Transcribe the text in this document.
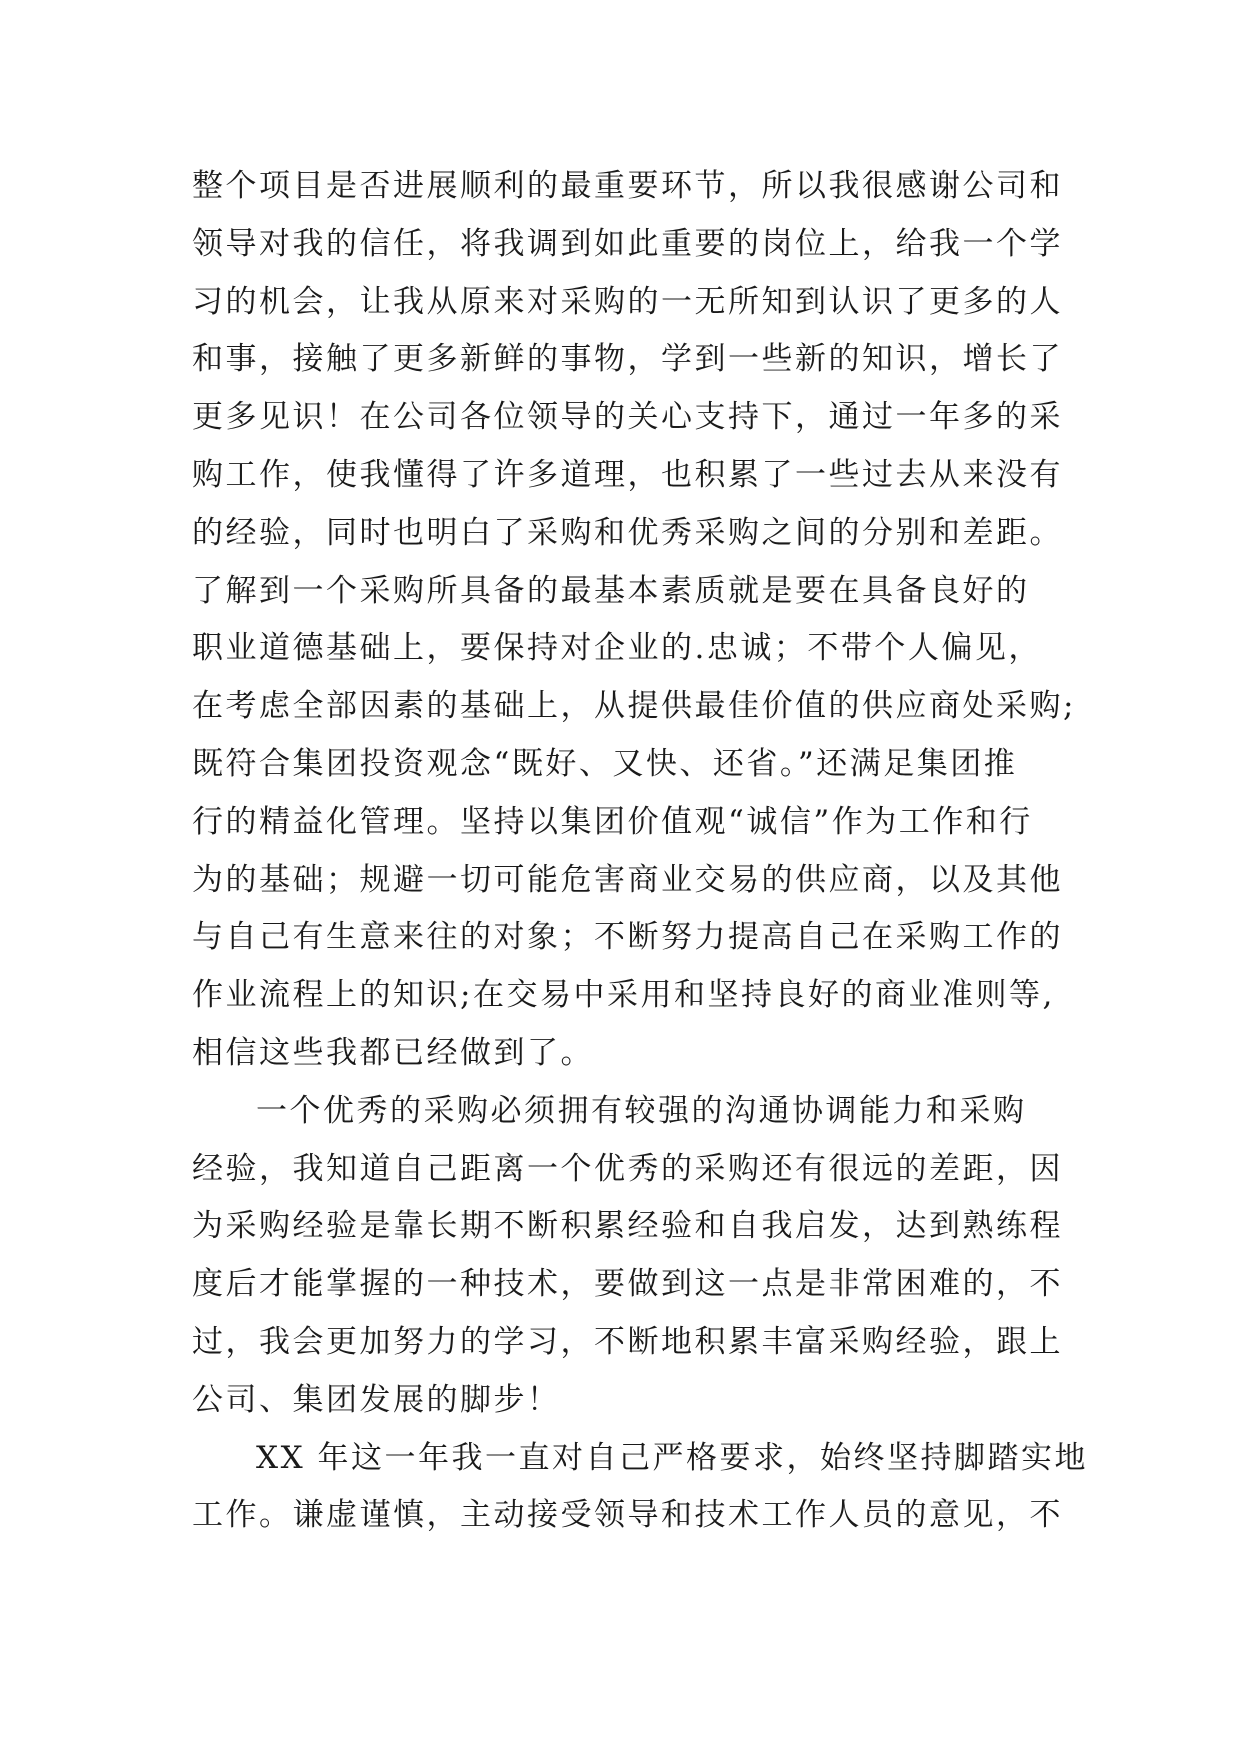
整个项目是否进展顺利的最重要环节，所以我很感谢公司和
领导对我的信任，将我调到如此重要的岗位上，给我一个学
习的机会，让我从原来对采购的一无所知到认识了更多的人
和事，接触了更多新鲜的事物，学到一些新的知识，增长了
更多见识！在公司各位领导的关心支持下，通过一年多的采
购工作，使我懂得了许多道理，也积累了一些过去从来没有
的经验，同时也明白了采购和优秀采购之间的分别和差距。
了解到一个采购所具备的最基本素质就是要在具备良好的
职业道德基础上，要保持对企业的.忠诚；不带个人偏见，
在考虑全部因素的基础上，从提供最佳价值的供应商处采购;
既符合集团投资观念“既好、又快、还省。”还满足集团推
行的精益化管理。坚持以集团价值观“诚信”作为工作和行
为的基础；规避一切可能危害商业交易的供应商，以及其他
与自己有生意来往的对象；不断努力提高自己在采购工作的
作业流程上的知识;在交易中采用和坚持良好的商业准则等,
相信这些我都已经做到了。
一个优秀的采购必须拥有较强的沟通协调能力和采购
经验，我知道自己距离一个优秀的采购还有很远的差距，因
为采购经验是靠长期不断积累经验和自我启发，达到熟练程
度后才能掌握的一种技术，要做到这一点是非常困难的，不
过，我会更加努力的学习，不断地积累丰富采购经验，跟上
公司、集团发展的脚步！
XX 年这一年我一直对自己严格要求，始终坚持脚踏实地
工作。谦虚谨慎，主动接受领导和技术工作人员的意见，不
